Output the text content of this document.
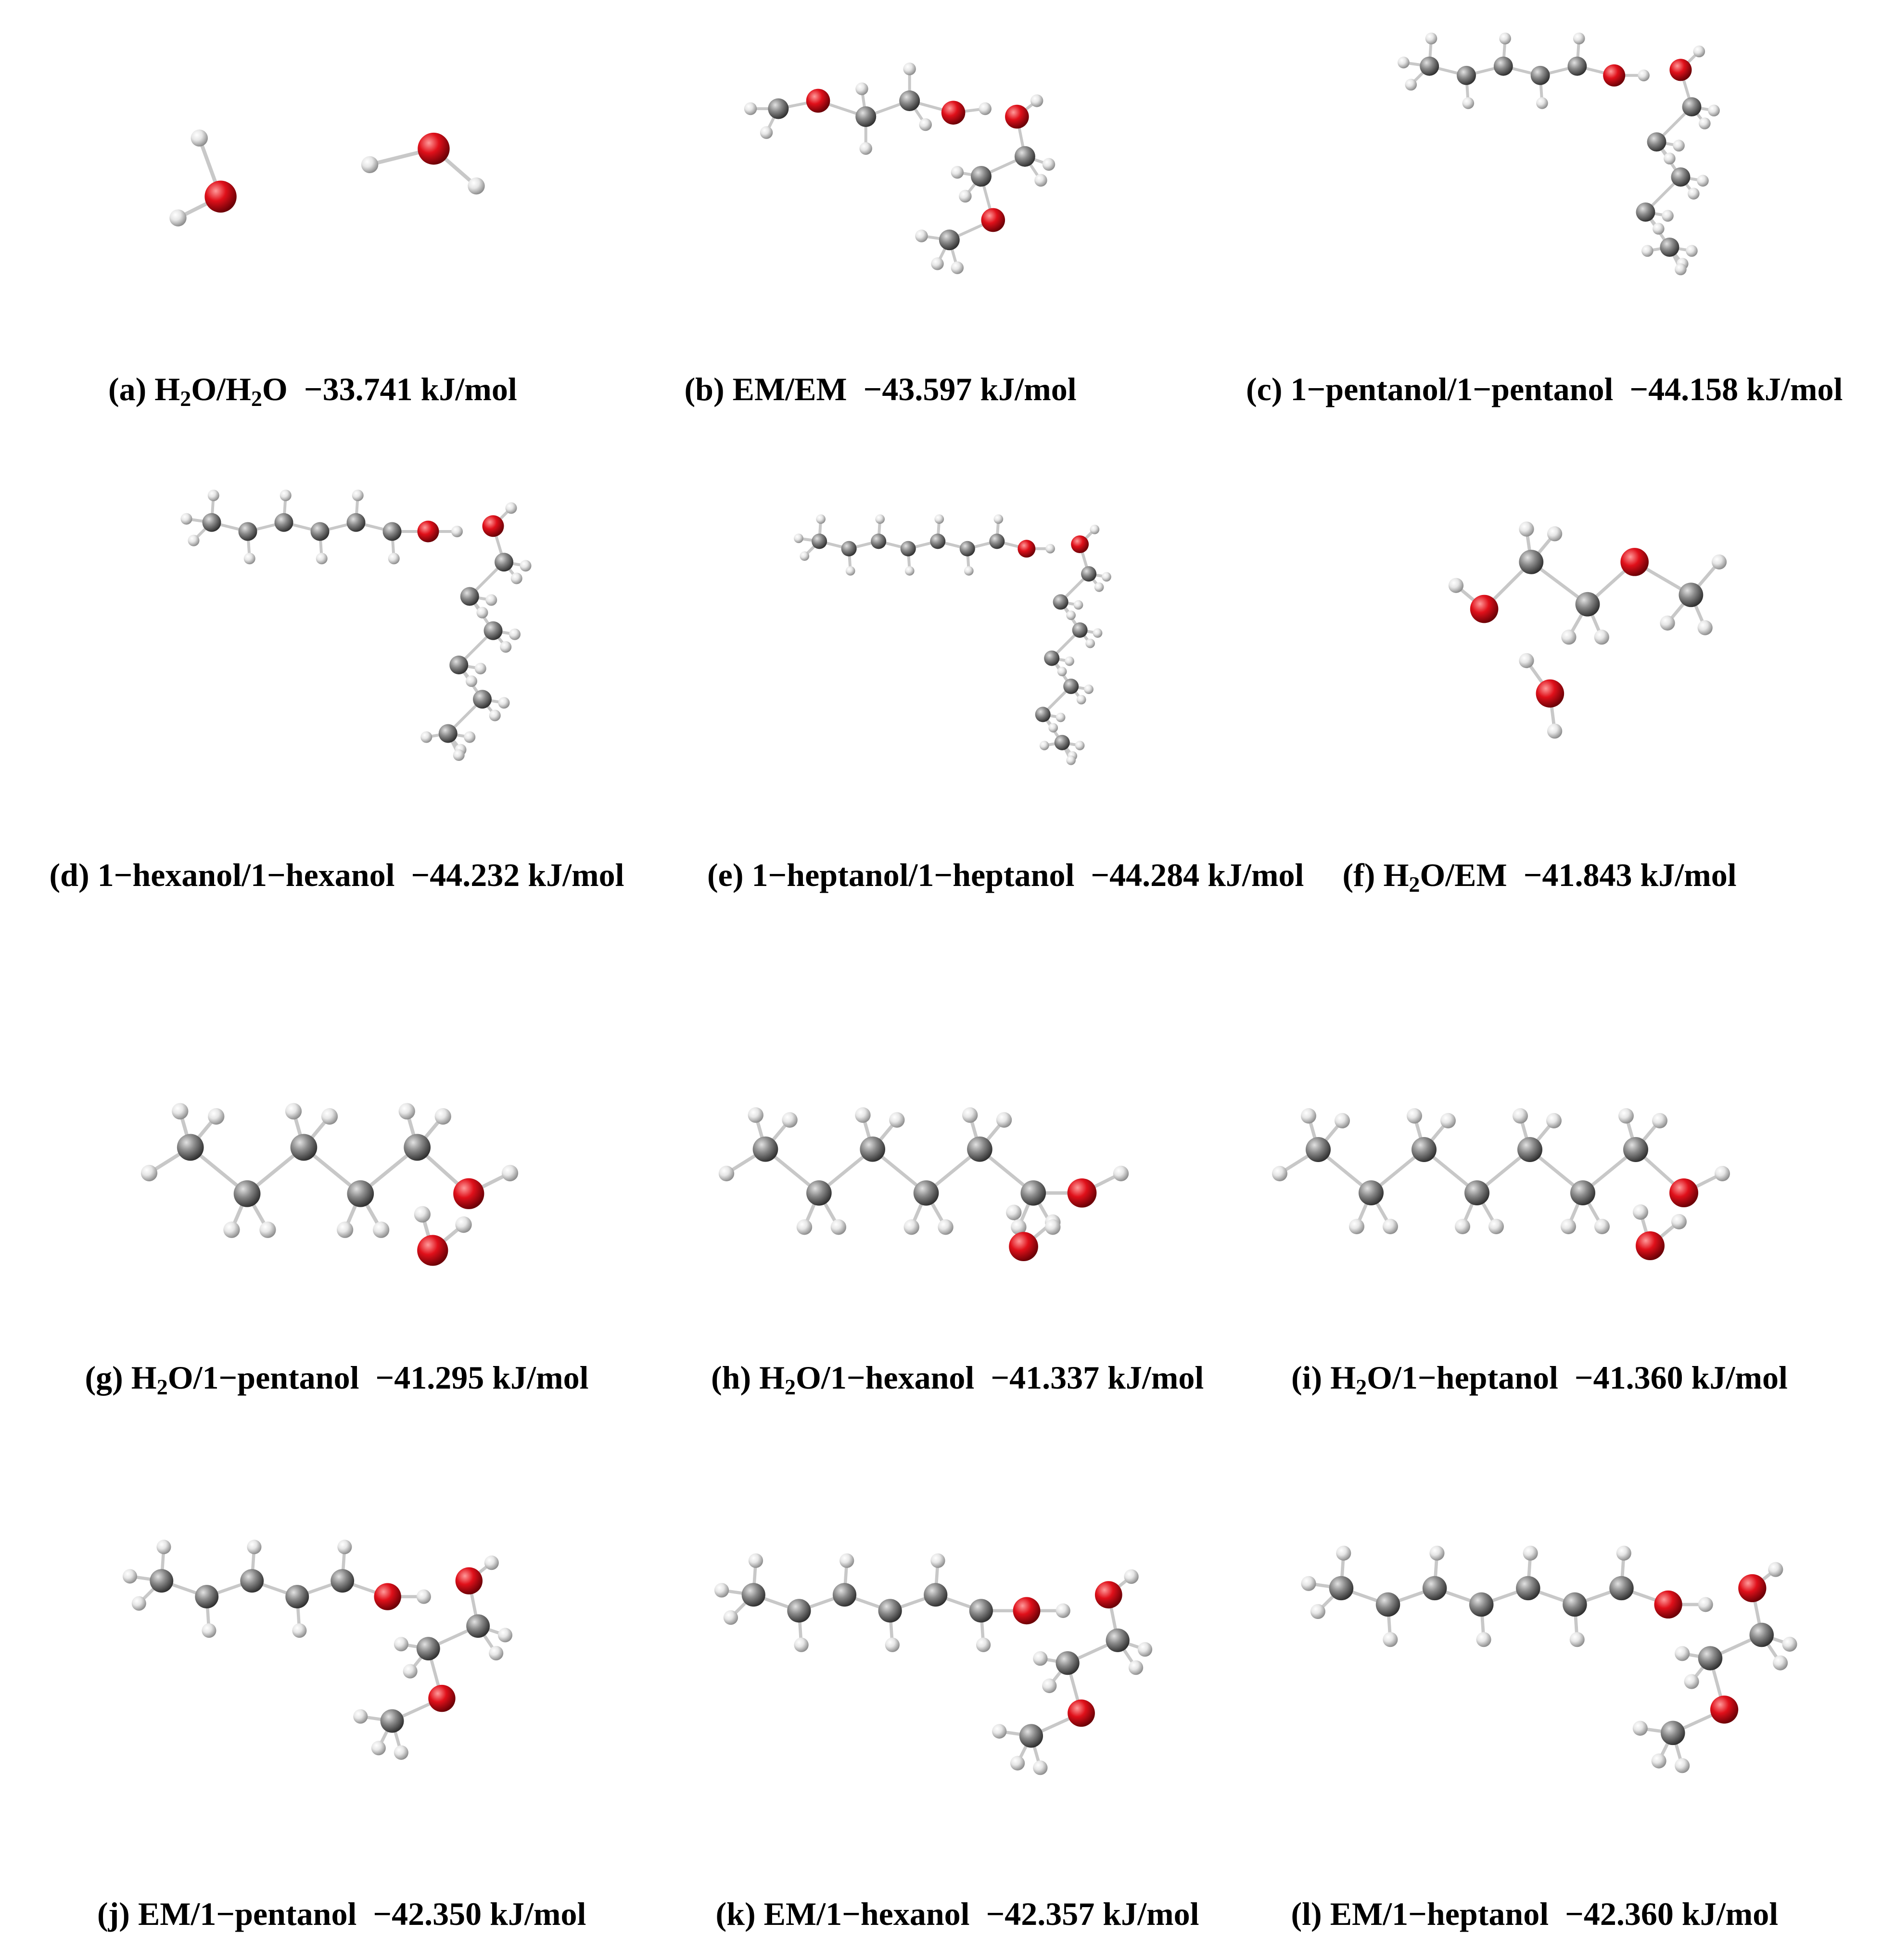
(a) $H_2O/H_2O -33.741$ kJ/mol	(b) EM/EM −43.597 kJ/mol	(c) 1−pentanol/1−pentanol −44.158 kJ/mol
(d) 1−hexanol/1−hexanol −44.232 kJ/mol	(e) 1−heptanol/1−heptanol −44.284 kJ/mol (f) $H_2O/EM -41.843$ kJ/mol
(g) $H_2O/1-pentanol -41.295$ kJ/mol	(h) $H_2O/1-hexanol -41.337$ kJ/mol	(i) $H_2O/1-heptanol -41.360$ kJ/mol
(j) EM/1−pentanol −42.350 kJ/mol	(k) EM/1−hexanol −42.357 kJ/mol	(l) EM/1−heptanol −42.360 kJ/mol
